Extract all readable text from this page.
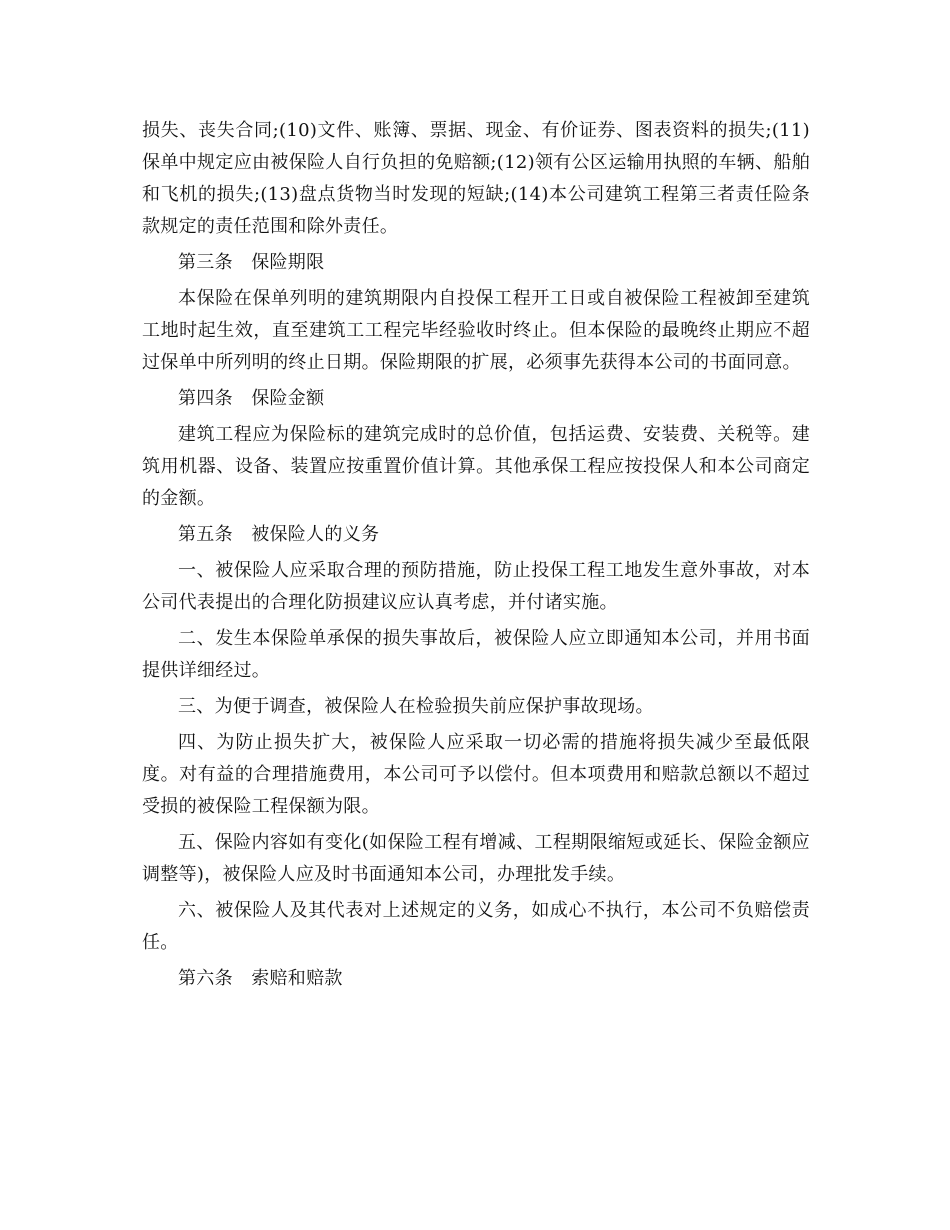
损失、丧失合同;(10)文件、账簿、票据、现金、有价证券、图表资料的损失;(11)保单中规定应由被保险人自行负担的免赔额;(12)领有公区运输用执照的车辆、船舶和飞机的损失;(13)盘点货物当时发现的短缺;(14)本公司建筑工程第三者责任险条款规定的责任范围和除外责任。

第三条　保险期限

本保险在保单列明的建筑期限内自投保工程开工日或自被保险工程被卸至建筑工地时起生效，直至建筑工工程完毕经验收时终止。但本保险的最晚终止期应不超过保单中所列明的终止日期。保险期限的扩展，必须事先获得本公司的书面同意。

第四条　保险金额

建筑工程应为保险标的建筑完成时的总价值，包括运费、安装费、关税等。建筑用机器、设备、装置应按重置价值计算。其他承保工程应按投保人和本公司商定的金额。

第五条　被保险人的义务

一、被保险人应采取合理的预防措施，防止投保工程工地发生意外事故，对本公司代表提出的合理化防损建议应认真考虑，并付诸实施。

二、发生本保险单承保的损失事故后，被保险人应立即通知本公司，并用书面提供详细经过。

三、为便于调查，被保险人在检验损失前应保护事故现场。

四、为防止损失扩大，被保险人应采取一切必需的措施将损失减少至最低限度。对有益的合理措施费用，本公司可予以偿付。但本项费用和赔款总额以不超过受损的被保险工程保额为限。

五、保险内容如有变化(如保险工程有增减、工程期限缩短或延长、保险金额应调整等)，被保险人应及时书面通知本公司，办理批发手续。

六、被保险人及其代表对上述规定的义务，如成心不执行，本公司不负赔偿责任。

第六条　索赔和赔款
